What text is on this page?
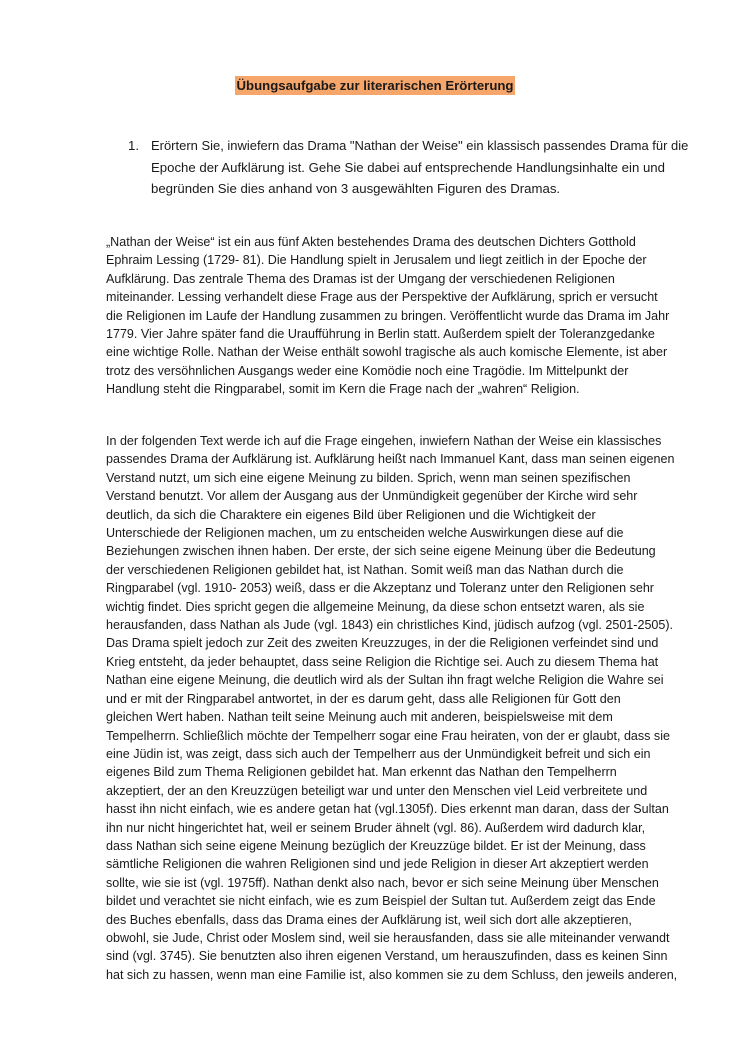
Übungsaufgabe zur literarischen Erörterung
1. Erörtern Sie, inwiefern das Drama "Nathan der Weise" ein klassisch passendes Drama für die
Epoche der Aufklärung ist. Gehe Sie dabei auf entsprechende Handlungsinhalte ein und
begründen Sie dies anhand von 3 ausgewählten Figuren des Dramas.
„Nathan der Weise“ ist ein aus fünf Akten bestehendes Drama des deutschen Dichters Gotthold
Ephraim Lessing (1729- 81). Die Handlung spielt in Jerusalem und liegt zeitlich in der Epoche der
Aufklärung. Das zentrale Thema des Dramas ist der Umgang der verschiedenen Religionen
miteinander. Lessing verhandelt diese Frage aus der Perspektive der Aufklärung, sprich er versucht
die Religionen im Laufe der Handlung zusammen zu bringen. Veröffentlicht wurde das Drama im Jahr
1779. Vier Jahre später fand die Uraufführung in Berlin statt. Außerdem spielt der Toleranzgedanke
eine wichtige Rolle. Nathan der Weise enthält sowohl tragische als auch komische Elemente, ist aber
trotz des versöhnlichen Ausgangs weder eine Komödie noch eine Tragödie. Im Mittelpunkt der
Handlung steht die Ringparabel, somit im Kern die Frage nach der „wahren“ Religion.
In der folgenden Text werde ich auf die Frage eingehen, inwiefern Nathan der Weise ein klassisches
passendes Drama der Aufklärung ist. Aufklärung heißt nach Immanuel Kant, dass man seinen eigenen
Verstand nutzt, um sich eine eigene Meinung zu bilden. Sprich, wenn man seinen spezifischen
Verstand benutzt. Vor allem der Ausgang aus der Unmündigkeit gegenüber der Kirche wird sehr
deutlich, da sich die Charaktere ein eigenes Bild über Religionen und die Wichtigkeit der
Unterschiede der Religionen machen, um zu entscheiden welche Auswirkungen diese auf die
Beziehungen zwischen ihnen haben. Der erste, der sich seine eigene Meinung über die Bedeutung
der verschiedenen Religionen gebildet hat, ist Nathan. Somit weiß man das Nathan durch die
Ringparabel (vgl. 1910- 2053) weiß, dass er die Akzeptanz und Toleranz unter den Religionen sehr
wichtig findet. Dies spricht gegen die allgemeine Meinung, da diese schon entsetzt waren, als sie
herausfanden, dass Nathan als Jude (vgl. 1843) ein christliches Kind, jüdisch aufzog (vgl. 2501-2505).
Das Drama spielt jedoch zur Zeit des zweiten Kreuzzuges, in der die Religionen verfeindet sind und
Krieg entsteht, da jeder behauptet, dass seine Religion die Richtige sei. Auch zu diesem Thema hat
Nathan eine eigene Meinung, die deutlich wird als der Sultan ihn fragt welche Religion die Wahre sei
und er mit der Ringparabel antwortet, in der es darum geht, dass alle Religionen für Gott den
gleichen Wert haben. Nathan teilt seine Meinung auch mit anderen, beispielsweise mit dem
Tempelherrn. Schließlich möchte der Tempelherr sogar eine Frau heiraten, von der er glaubt, dass sie
eine Jüdin ist, was zeigt, dass sich auch der Tempelherr aus der Unmündigkeit befreit und sich ein
eigenes Bild zum Thema Religionen gebildet hat. Man erkennt das Nathan den Tempelherrn
akzeptiert, der an den Kreuzzügen beteiligt war und unter den Menschen viel Leid verbreitete und
hasst ihn nicht einfach, wie es andere getan hat (vgl.1305f). Dies erkennt man daran, dass der Sultan
ihn nur nicht hingerichtet hat, weil er seinem Bruder ähnelt (vgl. 86). Außerdem wird dadurch klar,
dass Nathan sich seine eigene Meinung bezüglich der Kreuzzüge bildet. Er ist der Meinung, dass
sämtliche Religionen die wahren Religionen sind und jede Religion in dieser Art akzeptiert werden
sollte, wie sie ist (vgl. 1975ff). Nathan denkt also nach, bevor er sich seine Meinung über Menschen
bildet und verachtet sie nicht einfach, wie es zum Beispiel der Sultan tut. Außerdem zeigt das Ende
des Buches ebenfalls, dass das Drama eines der Aufklärung ist, weil sich dort alle akzeptieren,
obwohl, sie Jude, Christ oder Moslem sind, weil sie herausfanden, dass sie alle miteinander verwandt
sind (vgl. 3745). Sie benutzten also ihren eigenen Verstand, um herauszufinden, dass es keinen Sinn
hat sich zu hassen, wenn man eine Familie ist, also kommen sie zu dem Schluss, den jeweils anderen,
